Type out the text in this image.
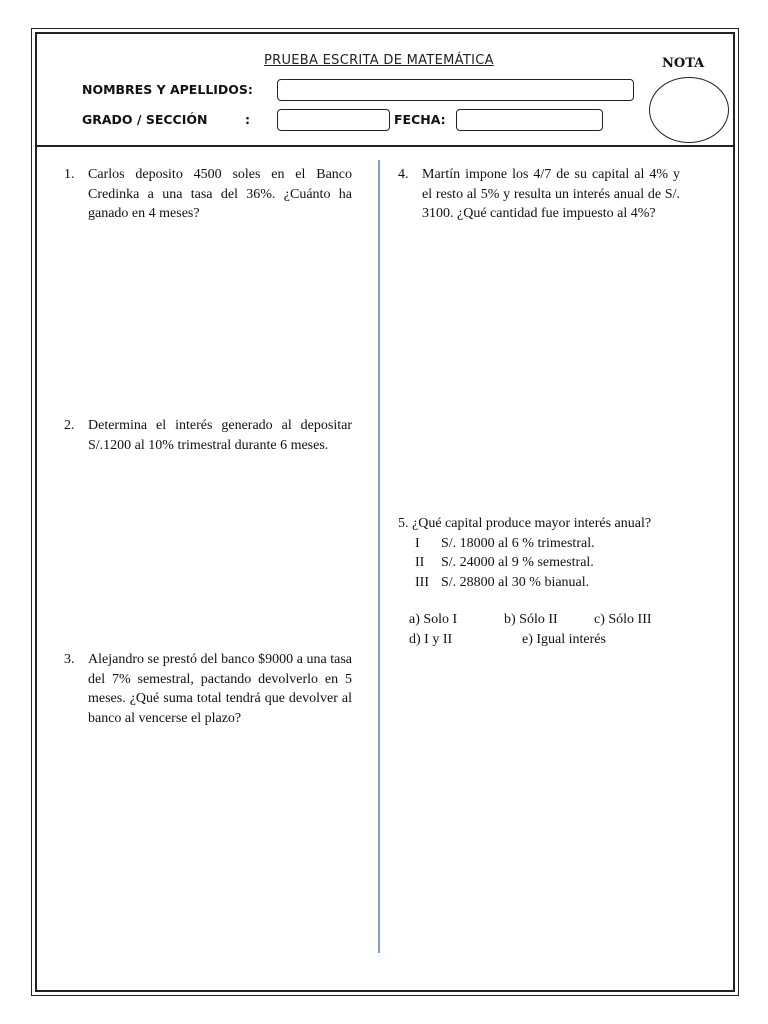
PRUEBA ESCRITA DE MATEMÁTICA
NOMBRES Y APELLIDOS:
GRADO / SECCIÓN	:	FECHA:
NOTA
1. Carlos deposito 4500 soles en el Banco Credinka a una tasa del 36%. ¿Cuánto ha ganado en 4 meses?
2. Determina el interés generado al depositar S/.1200 al 10% trimestral durante 6 meses.
3. Alejandro se prestó del banco $9000 a una tasa del 7% semestral, pactando devolverlo en 5 meses. ¿Qué suma total tendrá que devolver al banco al vencerse el plazo?
4. Martín impone los 4/7 de su capital al 4% y el resto al 5% y resulta un interés anual de S/. 3100. ¿Qué cantidad fue impuesto al 4%?
5. ¿Qué capital produce mayor interés anual?
I S/. 18000 al 6 % trimestral.
II S/. 24000 al 9 % semestral.
III S/. 28800 al 30 % bianual.
a) Solo I	b) Sólo II	c) Sólo III
d) I y II	e) Igual interés
